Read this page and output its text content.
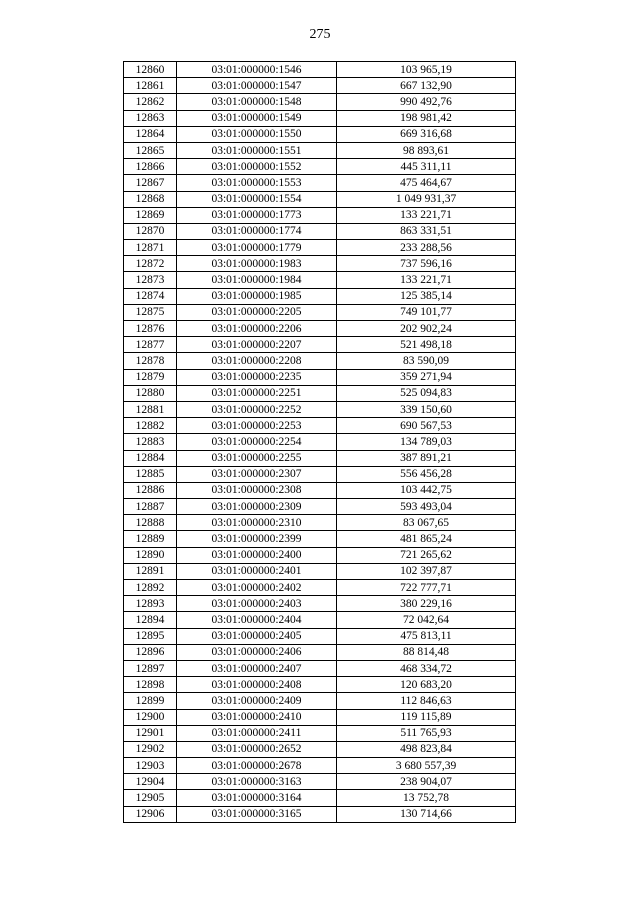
275
12860	03:01:000000:1546	103 965,19
12861	03:01:000000:1547	667 132,90
12862	03:01:000000:1548	990 492,76
12863	03:01:000000:1549	198 981,42
12864	03:01:000000:1550	669 316,68
12865	03:01:000000:1551	98 893,61
12866	03:01:000000:1552	445 311,11
12867	03:01:000000:1553	475 464,67
12868	03:01:000000:1554	1 049 931,37
12869	03:01:000000:1773	133 221,71
12870	03:01:000000:1774	863 331,51
12871	03:01:000000:1779	233 288,56
12872	03:01:000000:1983	737 596,16
12873	03:01:000000:1984	133 221,71
12874	03:01:000000:1985	125 385,14
12875	03:01:000000:2205	749 101,77
12876	03:01:000000:2206	202 902,24
12877	03:01:000000:2207	521 498,18
12878	03:01:000000:2208	83 590,09
12879	03:01:000000:2235	359 271,94
12880	03:01:000000:2251	525 094,83
12881	03:01:000000:2252	339 150,60
12882	03:01:000000:2253	690 567,53
12883	03:01:000000:2254	134 789,03
12884	03:01:000000:2255	387 891,21
12885	03:01:000000:2307	556 456,28
12886	03:01:000000:2308	103 442,75
12887	03:01:000000:2309	593 493,04
12888	03:01:000000:2310	83 067,65
12889	03:01:000000:2399	481 865,24
12890	03:01:000000:2400	721 265,62
12891	03:01:000000:2401	102 397,87
12892	03:01:000000:2402	722 777,71
12893	03:01:000000:2403	380 229,16
12894	03:01:000000:2404	72 042,64
12895	03:01:000000:2405	475 813,11
12896	03:01:000000:2406	88 814,48
12897	03:01:000000:2407	468 334,72
12898	03:01:000000:2408	120 683,20
12899	03:01:000000:2409	112 846,63
12900	03:01:000000:2410	119 115,89
12901	03:01:000000:2411	511 765,93
12902	03:01:000000:2652	498 823,84
12903	03:01:000000:2678	3 680 557,39
12904	03:01:000000:3163	238 904,07
12905	03:01:000000:3164	13 752,78
12906	03:01:000000:3165	130 714,66
